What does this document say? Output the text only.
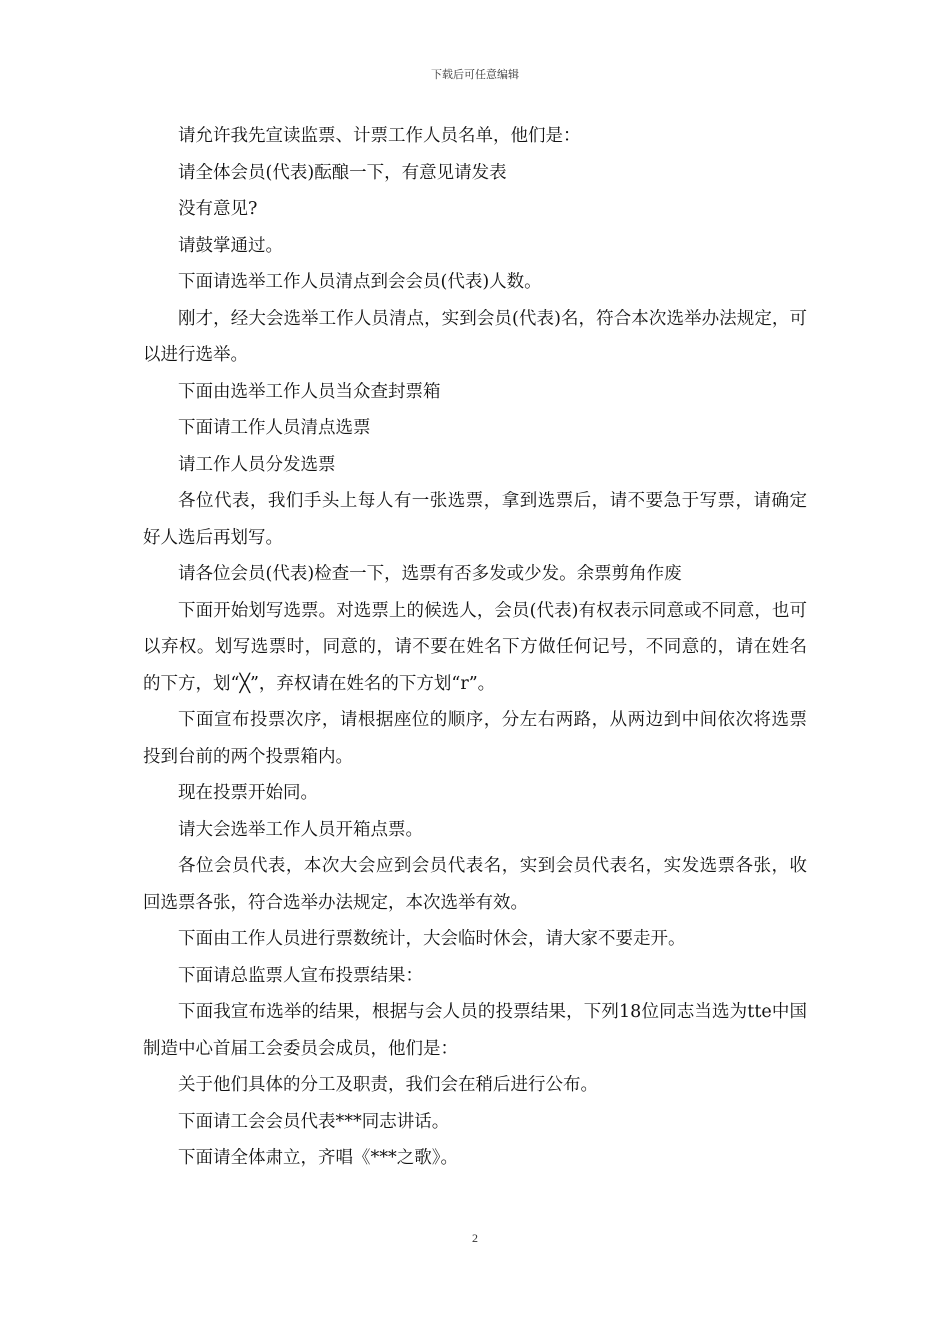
下载后可任意编辑

请允许我先宣读监票、计票工作人员名单，他们是：

请全体会员(代表)酝酿一下，有意见请发表

没有意见?

请鼓掌通过。

下面请选举工作人员清点到会会员(代表)人数。

刚才，经大会选举工作人员清点，实到会员(代表)名，符合本次选举办法规定，可以进行选举。

下面由选举工作人员当众查封票箱

下面请工作人员清点选票

请工作人员分发选票

各位代表，我们手头上每人有一张选票，拿到选票后，请不要急于写票，请确定好人选后再划写。

请各位会员(代表)检查一下，选票有否多发或少发。余票剪角作废

下面开始划写选票。对选票上的候选人，会员(代表)有权表示同意或不同意，也可以弃权。划写选票时，同意的，请不要在姓名下方做任何记号，不同意的，请在姓名的下方，划“╳”，弃权请在姓名的下方划“r”。

下面宣布投票次序，请根据座位的顺序，分左右两路，从两边到中间依次将选票投到台前的两个投票箱内。

现在投票开始同。

请大会选举工作人员开箱点票。

各位会员代表，本次大会应到会员代表名，实到会员代表名，实发选票各张，收回选票各张，符合选举办法规定，本次选举有效。

下面由工作人员进行票数统计，大会临时休会，请大家不要走开。

下面请总监票人宣布投票结果：

下面我宣布选举的结果，根据与会人员的投票结果，下列18位同志当选为tte中国制造中心首届工会委员会成员，他们是：

关于他们具体的分工及职责，我们会在稍后进行公布。

下面请工会会员代表***同志讲话。

下面请全体肃立，齐唱《***之歌》。

2
